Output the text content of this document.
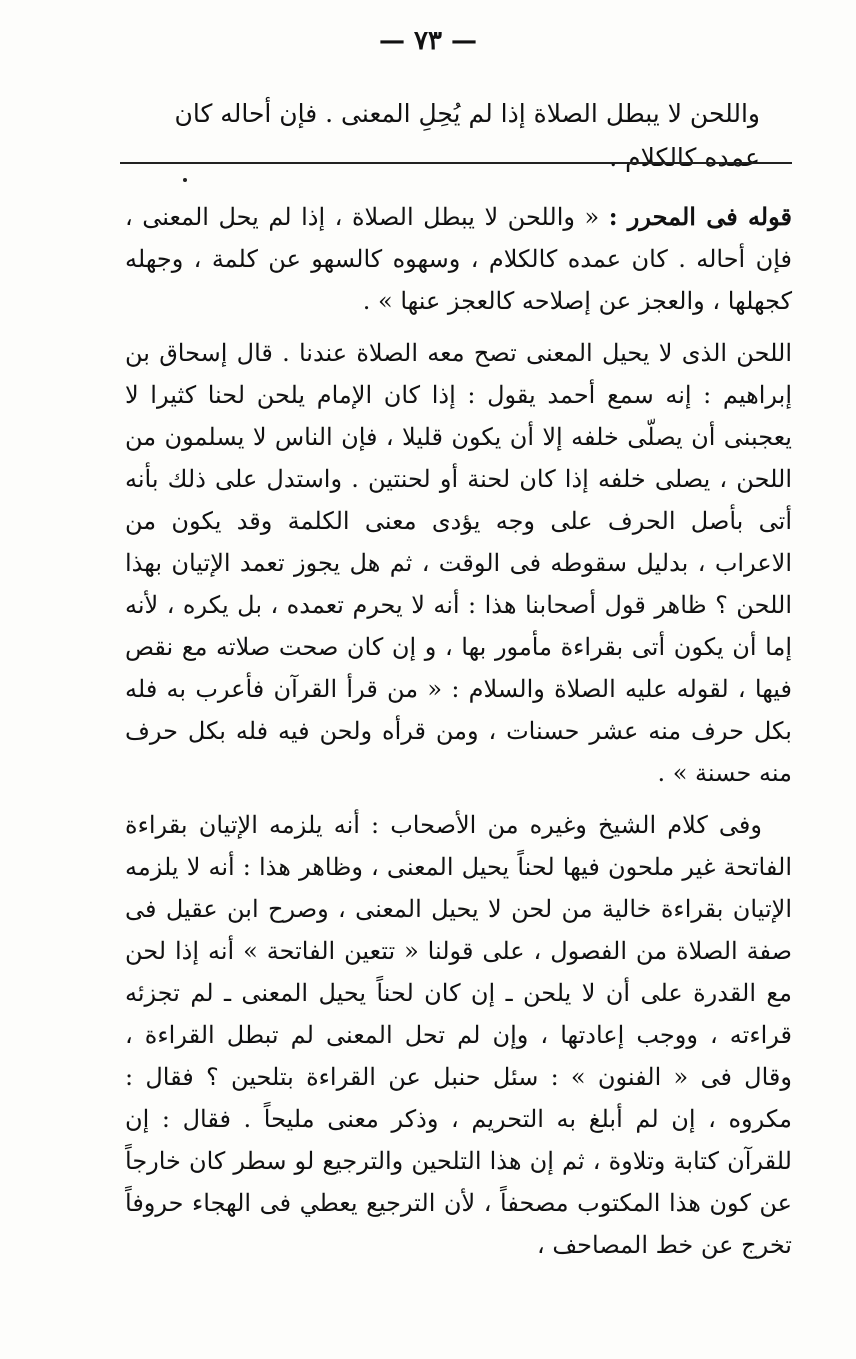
— ٧٣ —
واللحن لا يبطل الصلاة إذا لم يُحِلِ المعنى . فإن أحاله كان عمده كالكلام .

قوله فى المحرر : « واللحن لا يبطل الصلاة ، إذا لم يحل المعنى ، فإن أحاله . كان عمده كالكلام ، وسهوه كالسهو عن كلمة ، وجهله كجهلها ، والعجز عن إصلاحه كالعجز عنها » .

اللحن الذى لا يحيل المعنى تصح معه الصلاة عندنا . قال إسحاق بن إبراهيم : إنه سمع أحمد يقول : إذا كان الإمام يلحن لحنا كثيرا لا يعجبنى أن يصلّى خلفه إلا أن يكون قليلا ، فإن الناس لا يسلمون من اللحن ، يصلى خلفه إذا كان لحنة أو لحنتين . واستدل على ذلك بأنه أتى بأصل الحرف على وجه يؤدى معنى الكلمة وقد يكون من الاعراب ، بدليل سقوطه فى الوقت ، ثم هل يجوز تعمد الإتيان بهذا اللحن ؟ ظاهر قول أصحابنا هذا : أنه لا يحرم تعمده ، بل يكره ، لأنه إما أن يكون أتى بقراءة مأمور بها ، و إن كان صحت صلاته مع نقص فيها ، لقوله عليه الصلاة والسلام : « من قرأ القرآن فأعرب به فله بكل حرف منه عشر حسنات ، ومن قرأه ولحن فيه فله بكل حرف منه حسنة » .

وفى كلام الشيخ وغيره من الأصحاب : أنه يلزمه الإتيان بقراءة الفاتحة غير ملحون فيها لحناً يحيل المعنى ، وظاهر هذا : أنه لا يلزمه الإتيان بقراءة خالية من لحن لا يحيل المعنى ، وصرح ابن عقيل فى صفة الصلاة من الفصول ، على قولنا « تتعين الفاتحة » أنه إذا لحن مع القدرة على أن لا يلحن ـ إن كان لحناً يحيل المعنى ـ لم تجزئه قراءته ، ووجب إعادتها ، وإن لم تحل المعنى لم تبطل القراءة ، وقال فى « الفنون » : سئل حنبل عن القراءة بتلحين ؟ فقال : مكروه ، إن لم أبلغ به التحريم ، وذكر معنى مليحاً . فقال : إن للقرآن كتابة وتلاوة ، ثم إن هذا التلحين والترجيع لو سطر كان خارجاً عن كون هذا المكتوب مصحفاً ، لأن الترجيع يعطي فى الهجاء حروفاً تخرج عن خط المصاحف ،
